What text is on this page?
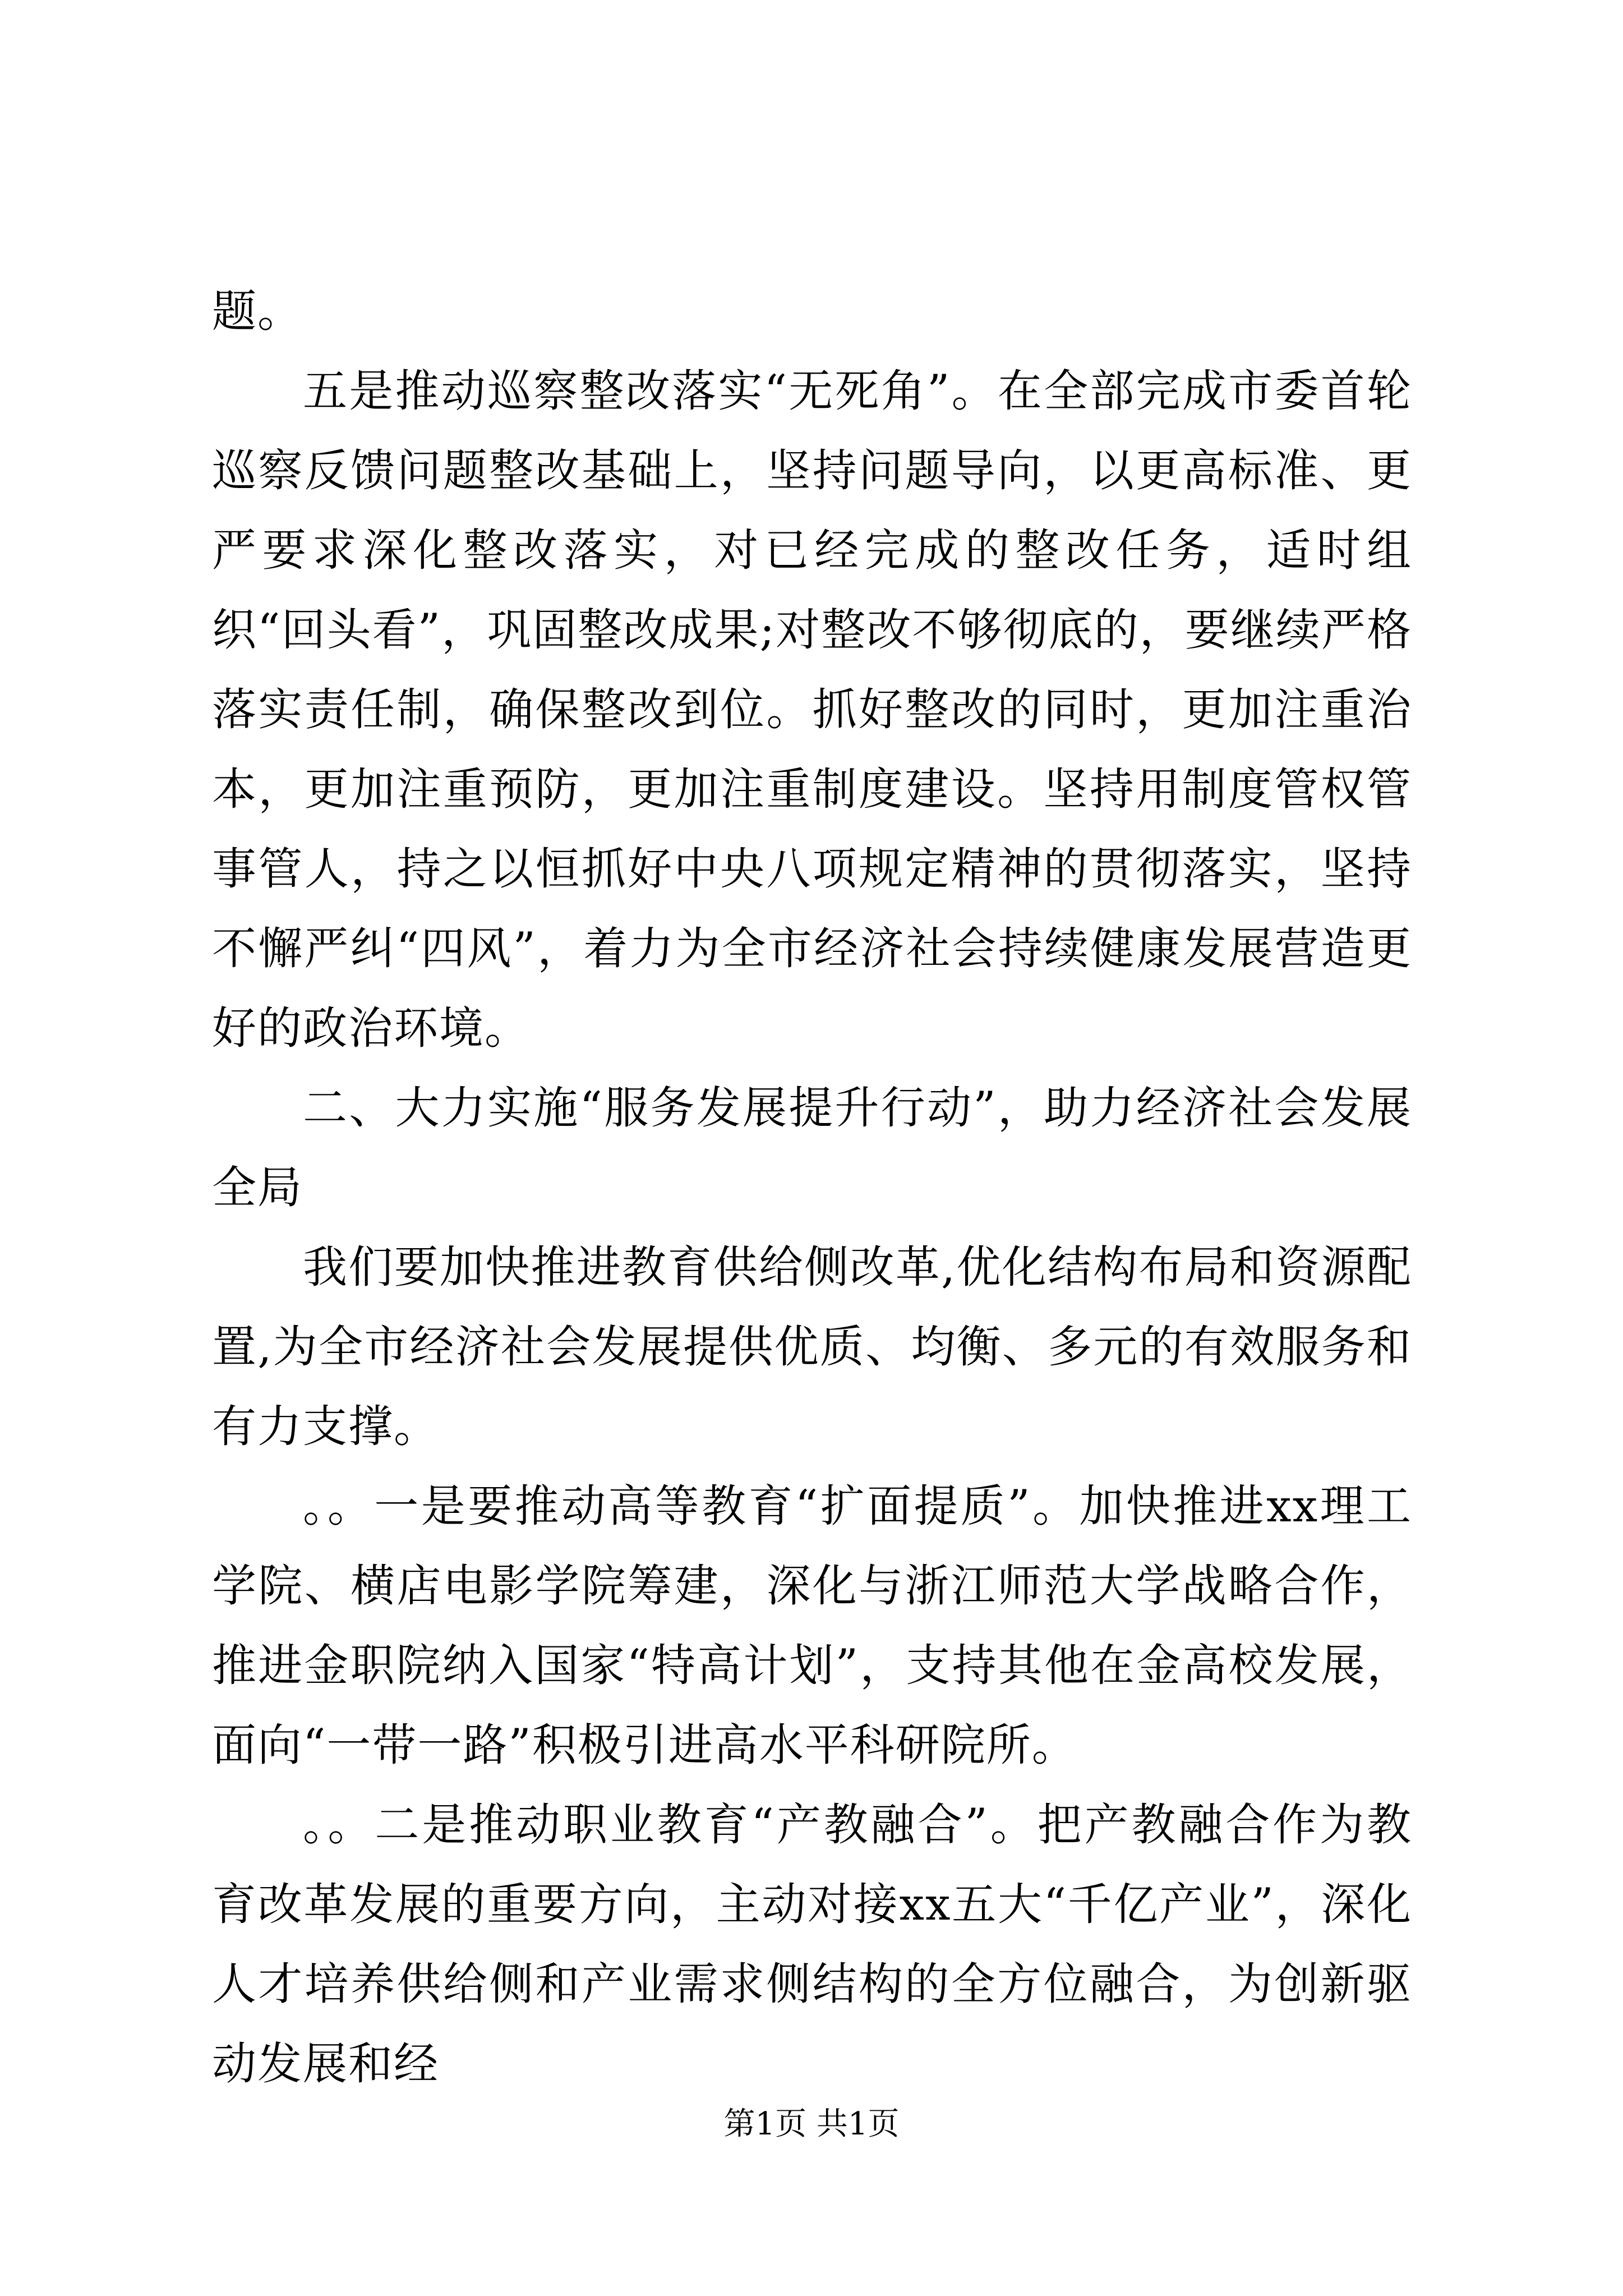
题。

五是推动巡察整改落实“无死角”。在全部完成市委首轮巡察反馈问题整改基础上，坚持问题导向，以更高标准、更严要求深化整改落实，对已经完成的整改任务，适时组织“回头看”，巩固整改成果;对整改不够彻底的，要继续严格落实责任制，确保整改到位。抓好整改的同时，更加注重治本，更加注重预防，更加注重制度建设。坚持用制度管权管事管人，持之以恒抓好中央八项规定精神的贯彻落实，坚持不懈严纠“四风”，着力为全市经济社会持续健康发展营造更好的政治环境。

二、大力实施“服务发展提升行动”，助力经济社会发展全局

我们要加快推进教育供给侧改革,优化结构布局和资源配置,为全市经济社会发展提供优质、均衡、多元的有效服务和有力支撑。

。。一是要推动高等教育“扩面提质”。加快推进xx理工学院、横店电影学院筹建，深化与浙江师范大学战略合作，推进金职院纳入国家“特高计划”，支持其他在金高校发展，面向“一带一路”积极引进高水平科研院所。

。。二是推动职业教育“产教融合”。把产教融合作为教育改革发展的重要方向，主动对接xx五大“千亿产业”，深化人才培养供给侧和产业需求侧结构的全方位融合，为创新驱动发展和经

第1页 共1页
